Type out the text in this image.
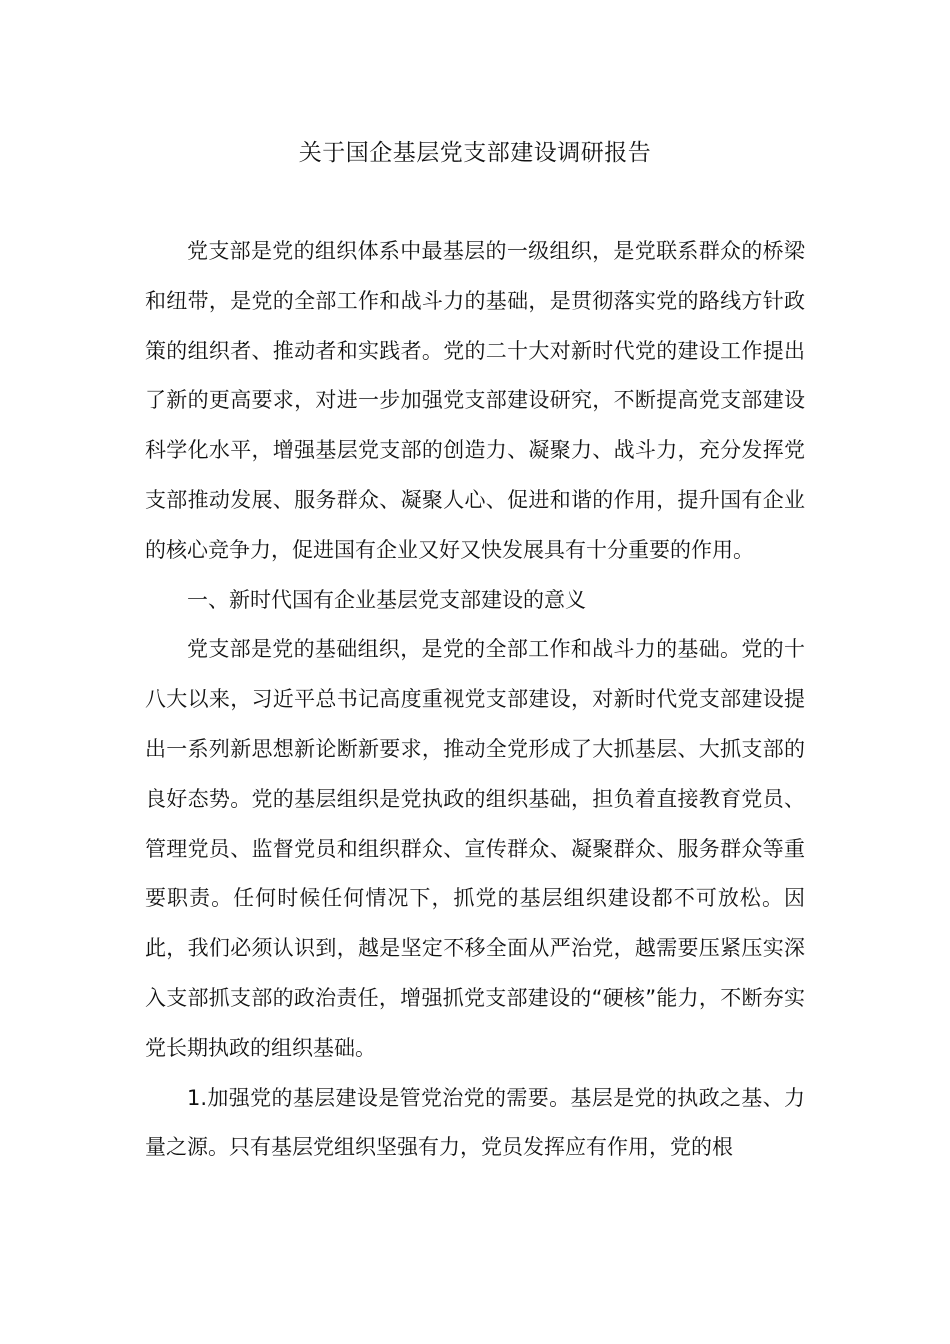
关于国企基层党支部建设调研报告

党支部是党的组织体系中最基层的一级组织，是党联系群众的桥梁和纽带，是党的全部工作和战斗力的基础，是贯彻落实党的路线方针政策的组织者、推动者和实践者。党的二十大对新时代党的建设工作提出了新的更高要求，对进一步加强党支部建设研究，不断提高党支部建设科学化水平，增强基层党支部的创造力、凝聚力、战斗力，充分发挥党支部推动发展、服务群众、凝聚人心、促进和谐的作用，提升国有企业的核心竞争力，促进国有企业又好又快发展具有十分重要的作用。

一、新时代国有企业基层党支部建设的意义

党支部是党的基础组织，是党的全部工作和战斗力的基础。党的十八大以来，习近平总书记高度重视党支部建设，对新时代党支部建设提出一系列新思想新论断新要求，推动全党形成了大抓基层、大抓支部的良好态势。党的基层组织是党执政的组织基础，担负着直接教育党员、管理党员、监督党员和组织群众、宣传群众、凝聚群众、服务群众等重要职责。任何时候任何情况下，抓党的基层组织建设都不可放松。因此，我们必须认识到，越是坚定不移全面从严治党，越需要压紧压实深入支部抓支部的政治责任，增强抓党支部建设的“硬核”能力，不断夯实党长期执政的组织基础。

1.加强党的基层建设是管党治党的需要。基层是党的执政之基、力量之源。只有基层党组织坚强有力，党员发挥应有作用，党的根
